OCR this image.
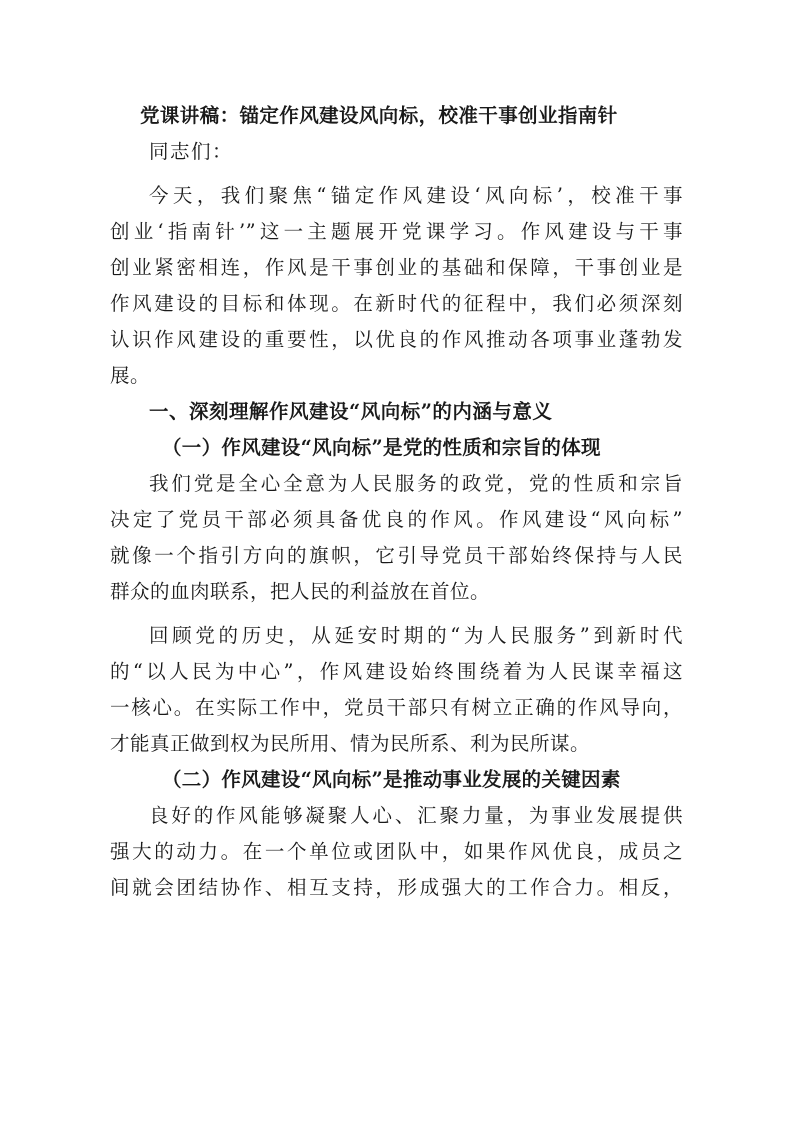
党课讲稿：锚定作风建设风向标，校准干事创业指南针

同志们：

今天，我们聚焦“锚定作风建设‘风向标’，校准干事
创业‘指南针’”这一主题展开党课学习。作风建设与干事
创业紧密相连，作风是干事创业的基础和保障，干事创业是
作风建设的目标和体现。在新时代的征程中，我们必须深刻
认识作风建设的重要性，以优良的作风推动各项事业蓬勃发
展。
一、深刻理解作风建设“风向标”的内涵与意义
（一）作风建设“风向标”是党的性质和宗旨的体现
我们党是全心全意为人民服务的政党，党的性质和宗旨
决定了党员干部必须具备优良的作风。作风建设“风向标”
就像一个指引方向的旗帜，它引导党员干部始终保持与人民
群众的血肉联系，把人民的利益放在首位。
回顾党的历史，从延安时期的“为人民服务”到新时代
的“以人民为中心”，作风建设始终围绕着为人民谋幸福这
一核心。在实际工作中，党员干部只有树立正确的作风导向，
才能真正做到权为民所用、情为民所系、利为民所谋。
（二）作风建设“风向标”是推动事业发展的关键因素
良好的作风能够凝聚人心、汇聚力量，为事业发展提供
强大的动力。在一个单位或团队中，如果作风优良，成员之
间就会团结协作、相互支持，形成强大的工作合力。相反，
